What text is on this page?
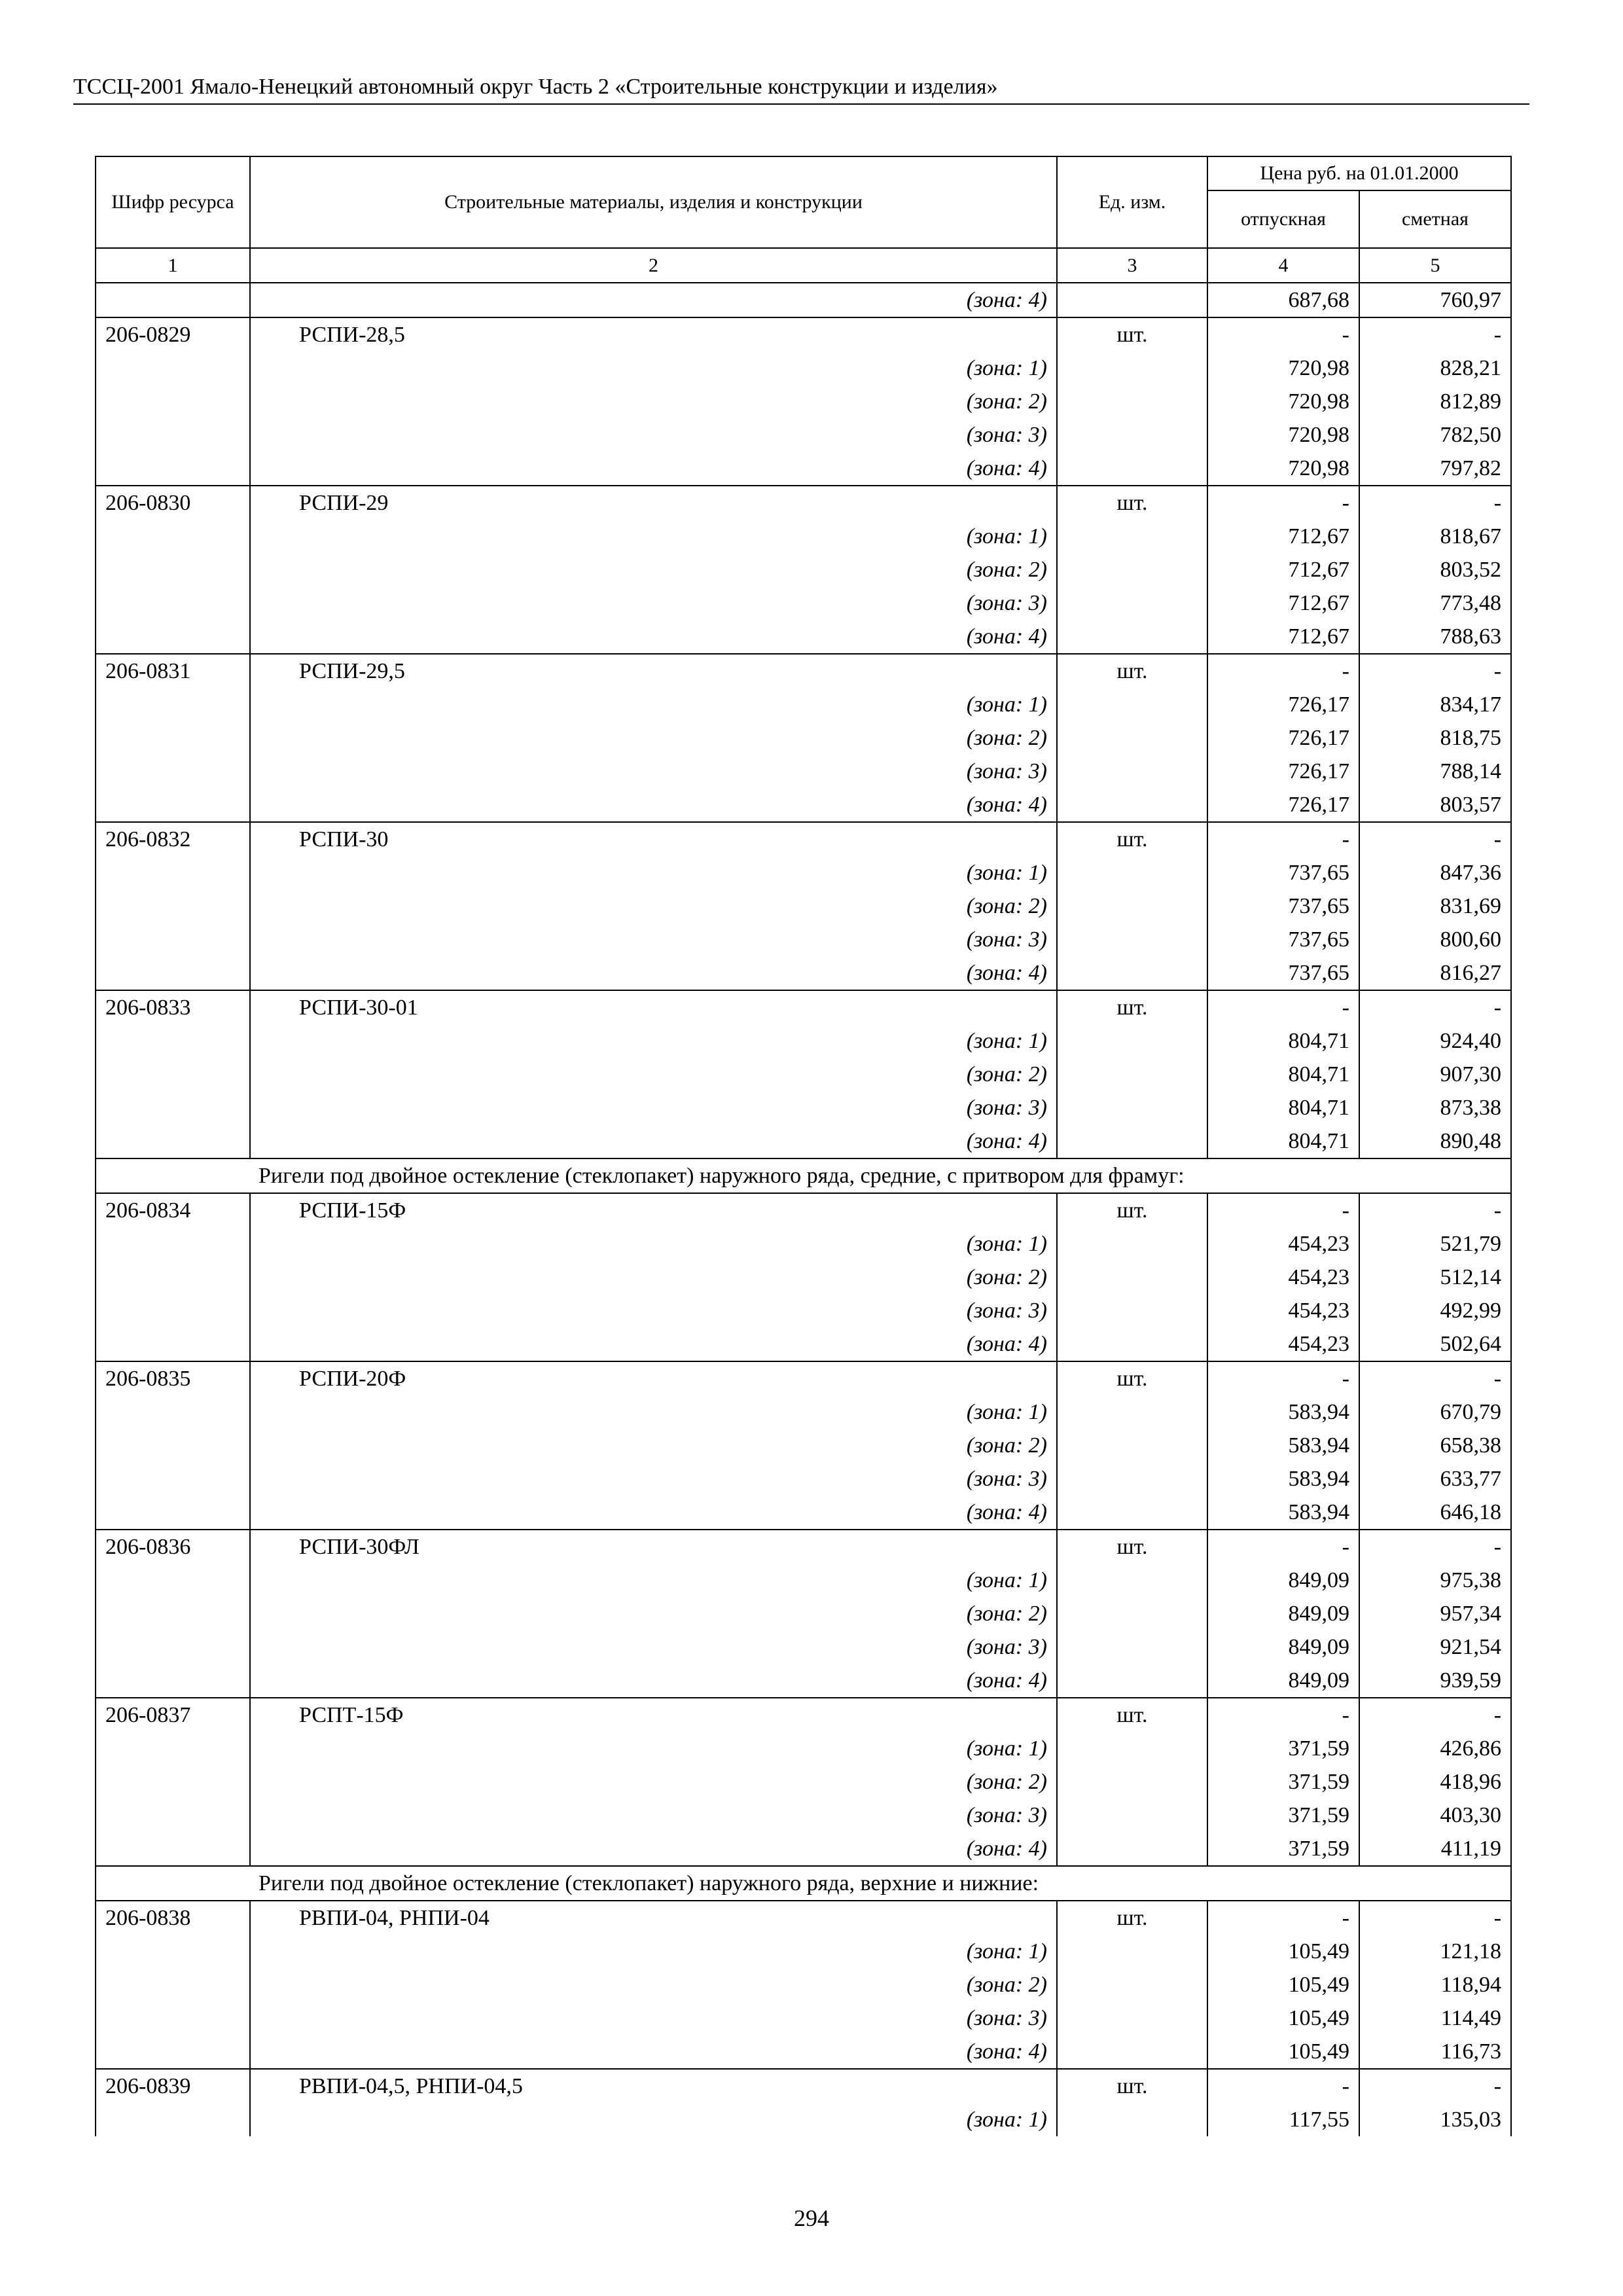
ТССЦ-2001 Ямало-Ненецкий автономный округ Часть 2 «Строительные конструкции и изделия»
Шифр ресурса	Строительные материалы, изделия и конструкции	Ед. изм.	Цена руб. на 01.01.2000	
			отпускная	сметная
1	2	3	4	5

	(зона: 4)		687,68	760,97
206-0829	РСПИ-28,5	шт.	-	-

	(зона: 1)		720,98	828,21

	(зона: 2)		720,98	812,89

	(зона: 3)		720,98	782,50

	(зона: 4)		720,98	797,82
206-0830	РСПИ-29	шт.	-	-

	(зона: 1)		712,67	818,67

	(зона: 2)		712,67	803,52

	(зона: 3)		712,67	773,48

	(зона: 4)		712,67	788,63
206-0831	РСПИ-29,5	шт.	-	-

	(зона: 1)		726,17	834,17

	(зона: 2)		726,17	818,75

	(зона: 3)		726,17	788,14

	(зона: 4)		726,17	803,57
206-0832	РСПИ-30	шт.	-	-

	(зона: 1)		737,65	847,36

	(зона: 2)		737,65	831,69

	(зона: 3)		737,65	800,60

	(зона: 4)		737,65	816,27
206-0833	РСПИ-30-01	шт.	-	-

	(зона: 1)		804,71	924,40

	(зона: 2)		804,71	907,30

	(зона: 3)		804,71	873,38

	(зона: 4)		804,71	890,48
Ригели под двойное остекление (стеклопакет) наружного ряда, средние, с притвором для фрамуг:				
206-0834	РСПИ-15Ф	шт.	-	-

	(зона: 1)		454,23	521,79

	(зона: 2)		454,23	512,14

	(зона: 3)		454,23	492,99

	(зона: 4)		454,23	502,64
206-0835	РСПИ-20Ф	шт.	-	-

	(зона: 1)		583,94	670,79

	(зона: 2)		583,94	658,38

	(зона: 3)		583,94	633,77

	(зона: 4)		583,94	646,18
206-0836	РСПИ-30ФЛ	шт.	-	-

	(зона: 1)		849,09	975,38

	(зона: 2)		849,09	957,34

	(зона: 3)		849,09	921,54

	(зона: 4)		849,09	939,59
206-0837	РСПТ-15Ф	шт.	-	-

	(зона: 1)		371,59	426,86

	(зона: 2)		371,59	418,96

	(зона: 3)		371,59	403,30

	(зона: 4)		371,59	411,19
Ригели под двойное остекление (стеклопакет) наружного ряда, верхние и нижние:				
206-0838	РВПИ-04, РНПИ-04	шт.	-	-

	(зона: 1)		105,49	121,18

	(зона: 2)		105,49	118,94

	(зона: 3)		105,49	114,49

	(зона: 4)		105,49	116,73
206-0839	РВПИ-04,5, РНПИ-04,5	шт.	-	-

	(зона: 1)		117,55	135,03
294
